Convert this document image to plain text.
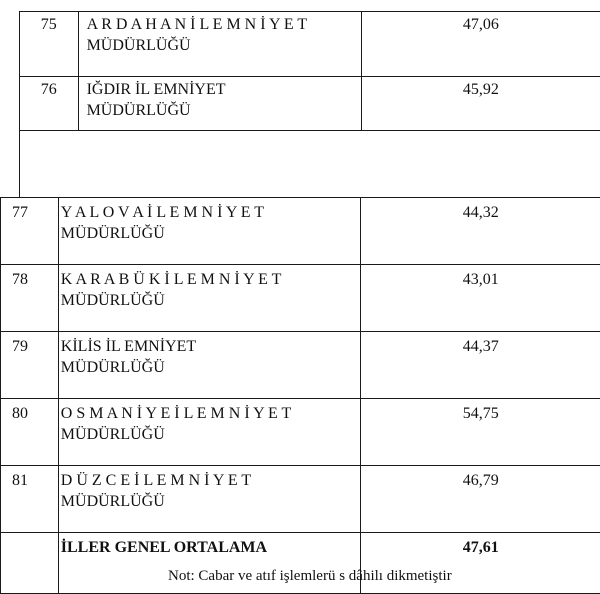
75	A R D A H A N İ L E M N İ Y E T
MÜDÜRLÜĞÜ	47,06
76	IĞDIR İL EMNİYET
MÜDÜRLÜĞÜ	45,92
77	Y A L O V A İ L E M N İ Y E T
MÜDÜRLÜĞÜ	44,32
78	K A R A B Ü K İ L E M N İ Y E T
MÜDÜRLÜĞÜ	43,01
79	KİLİS İL EMNİYET
MÜDÜRLÜĞÜ	44,37
80	O S M A N İ Y E İ L E M N İ Y E T
MÜDÜRLÜĞÜ	54,75
81	D Ü Z C E İ L E M N İ Y E T
MÜDÜRLÜĞÜ	46,79
	İLLER GENEL ORTALAMA	47,61
Not: Cabar ve atıf işlemlerü s dâhilı dikmetiştir
